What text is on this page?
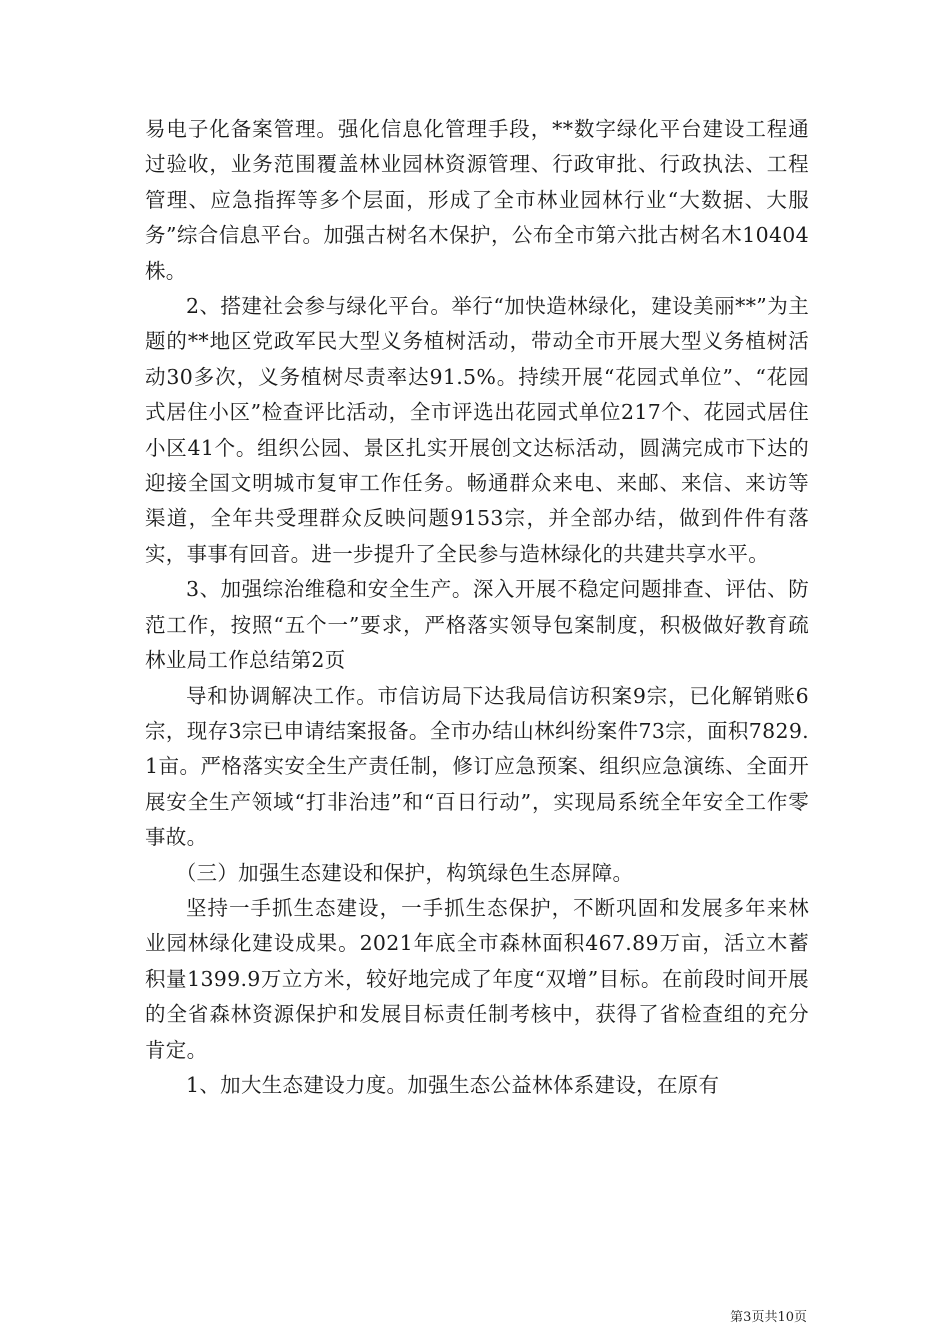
易电子化备案管理。强化信息化管理手段，**数字绿化平台建设工程通过验收，业务范围覆盖林业园林资源管理、行政审批、行政执法、工程管理、应急指挥等多个层面，形成了全市林业园林行业“大数据、大服务”综合信息平台。加强古树名木保护，公布全市第六批古树名木10404株。

2、搭建社会参与绿化平台。举行“加快造林绿化，建设美丽**”为主题的**地区党政军民大型义务植树活动，带动全市开展大型义务植树活动30多次，义务植树尽责率达91.5%。持续开展“花园式单位”、“花园式居住小区”检查评比活动，全市评选出花园式单位217个、花园式居住小区41个。组织公园、景区扎实开展创文达标活动，圆满完成市下达的迎接全国文明城市复审工作任务。畅通群众来电、来邮、来信、来访等渠道，全年共受理群众反映问题9153宗，并全部办结，做到件件有落实，事事有回音。进一步提升了全民参与造林绿化的共建共享水平。

3、加强综治维稳和安全生产。深入开展不稳定问题排查、评估、防范工作，按照“五个一”要求，严格落实领导包案制度，积极做好教育疏林业局工作总结第2页

导和协调解决工作。市信访局下达我局信访积案9宗，已化解销账6宗，现存3宗已申请结案报备。全市办结山林纠纷案件73宗，面积7829.1亩。严格落实安全生产责任制，修订应急预案、组织应急演练、全面开展安全生产领域“打非治违”和“百日行动”，实现局系统全年安全工作零事故。

（三）加强生态建设和保护，构筑绿色生态屏障。

坚持一手抓生态建设，一手抓生态保护，不断巩固和发展多年来林业园林绿化建设成果。2021年底全市森林面积467.89万亩，活立木蓄积量1399.9万立方米，较好地完成了年度“双增”目标。在前段时间开展的全省森林资源保护和发展目标责任制考核中，获得了省检查组的充分肯定。

1、加大生态建设力度。加强生态公益林体系建设，在原有

第3页共10页
